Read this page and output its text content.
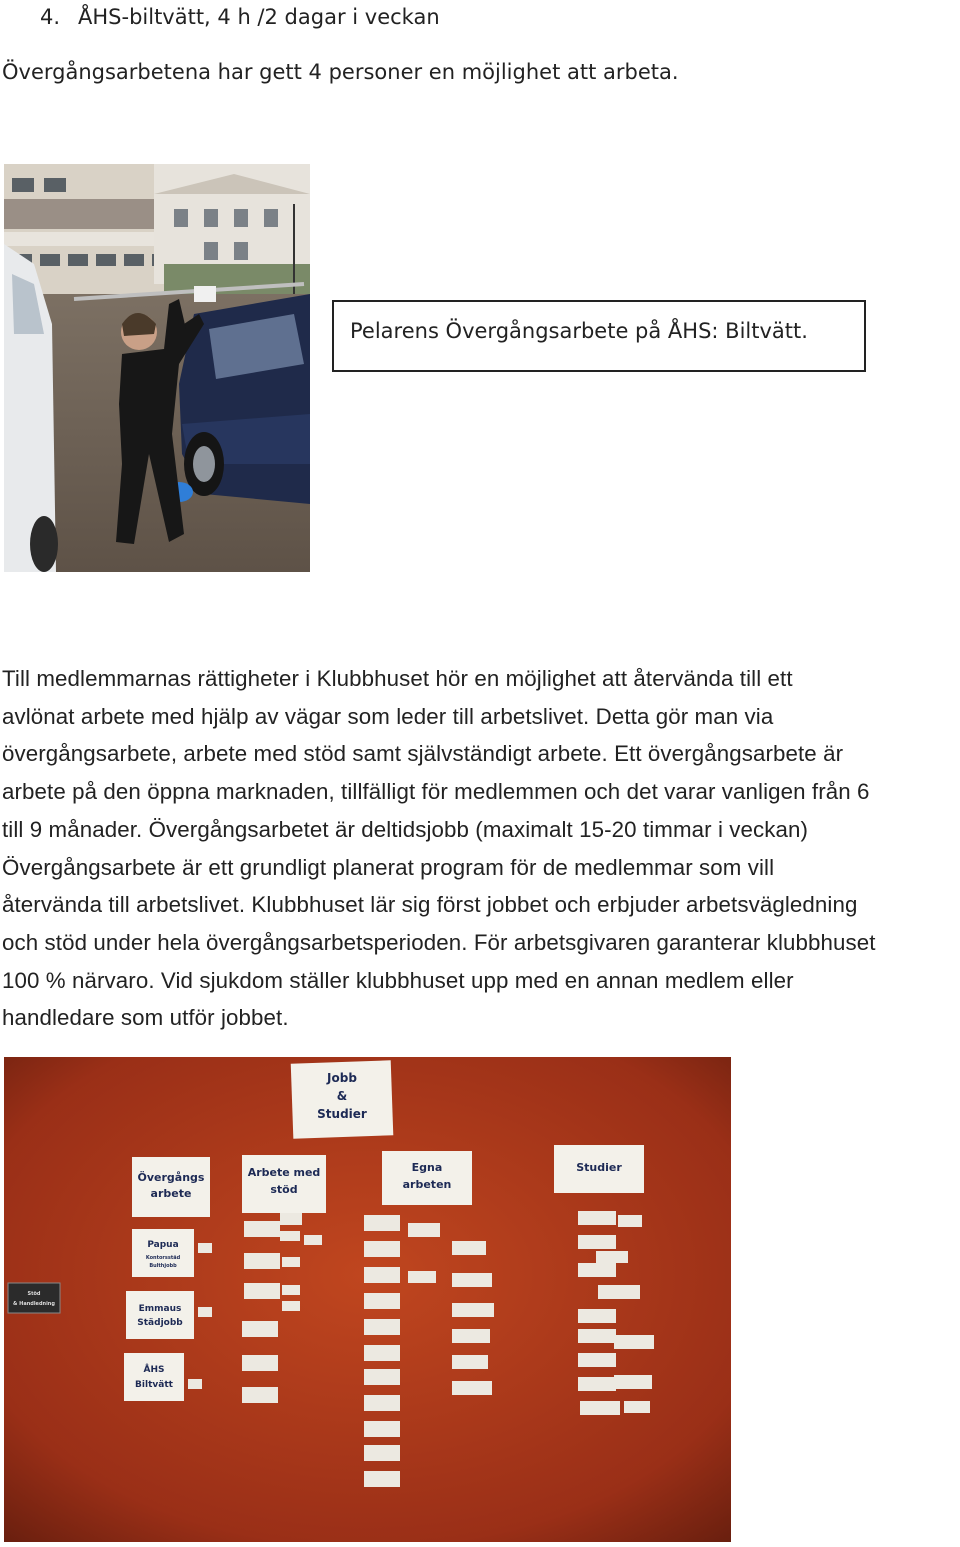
4. ÅHS-biltvätt, 4 h /2 dagar i veckan
Övergångsarbetena har gett 4 personer en möjlighet att arbeta.
Pelarens Övergångsarbete på ÅHS: Biltvätt.
Till medlemmarnas rättigheter i Klubbhuset hör en möjlighet att återvända till ett
avlönat arbete med hjälp av vägar som leder till arbetslivet. Detta gör man via
övergångsarbete, arbete med stöd samt självständigt arbete. Ett övergångsarbete är
arbete på den öppna marknaden, tillfälligt för medlemmen och det varar vanligen från 6
till 9 månader. Övergångsarbetet är deltidsjobb (maximalt 15-20 timmar i veckan)
Övergångsarbete är ett grundligt planerat program för de medlemmar som vill
återvända till arbetslivet. Klubbhuset lär sig först jobbet och erbjuder arbetsvägledning
och stöd under hela övergångsarbetsperioden. För arbetsgivaren garanterar klubbhuset
100 % närvaro. Vid sjukdom ställer klubbhuset upp med en annan medlem eller
handledare som utför jobbet.
Jobb
&
Studier
Övergångs
arbete
Arbete med
stöd
Egna
arbeten
Studier
Papua
Kontorsstäd
Bulthjobb
Emmaus
Städjobb
ÅHS
Biltvätt
Stöd
& Handledning
